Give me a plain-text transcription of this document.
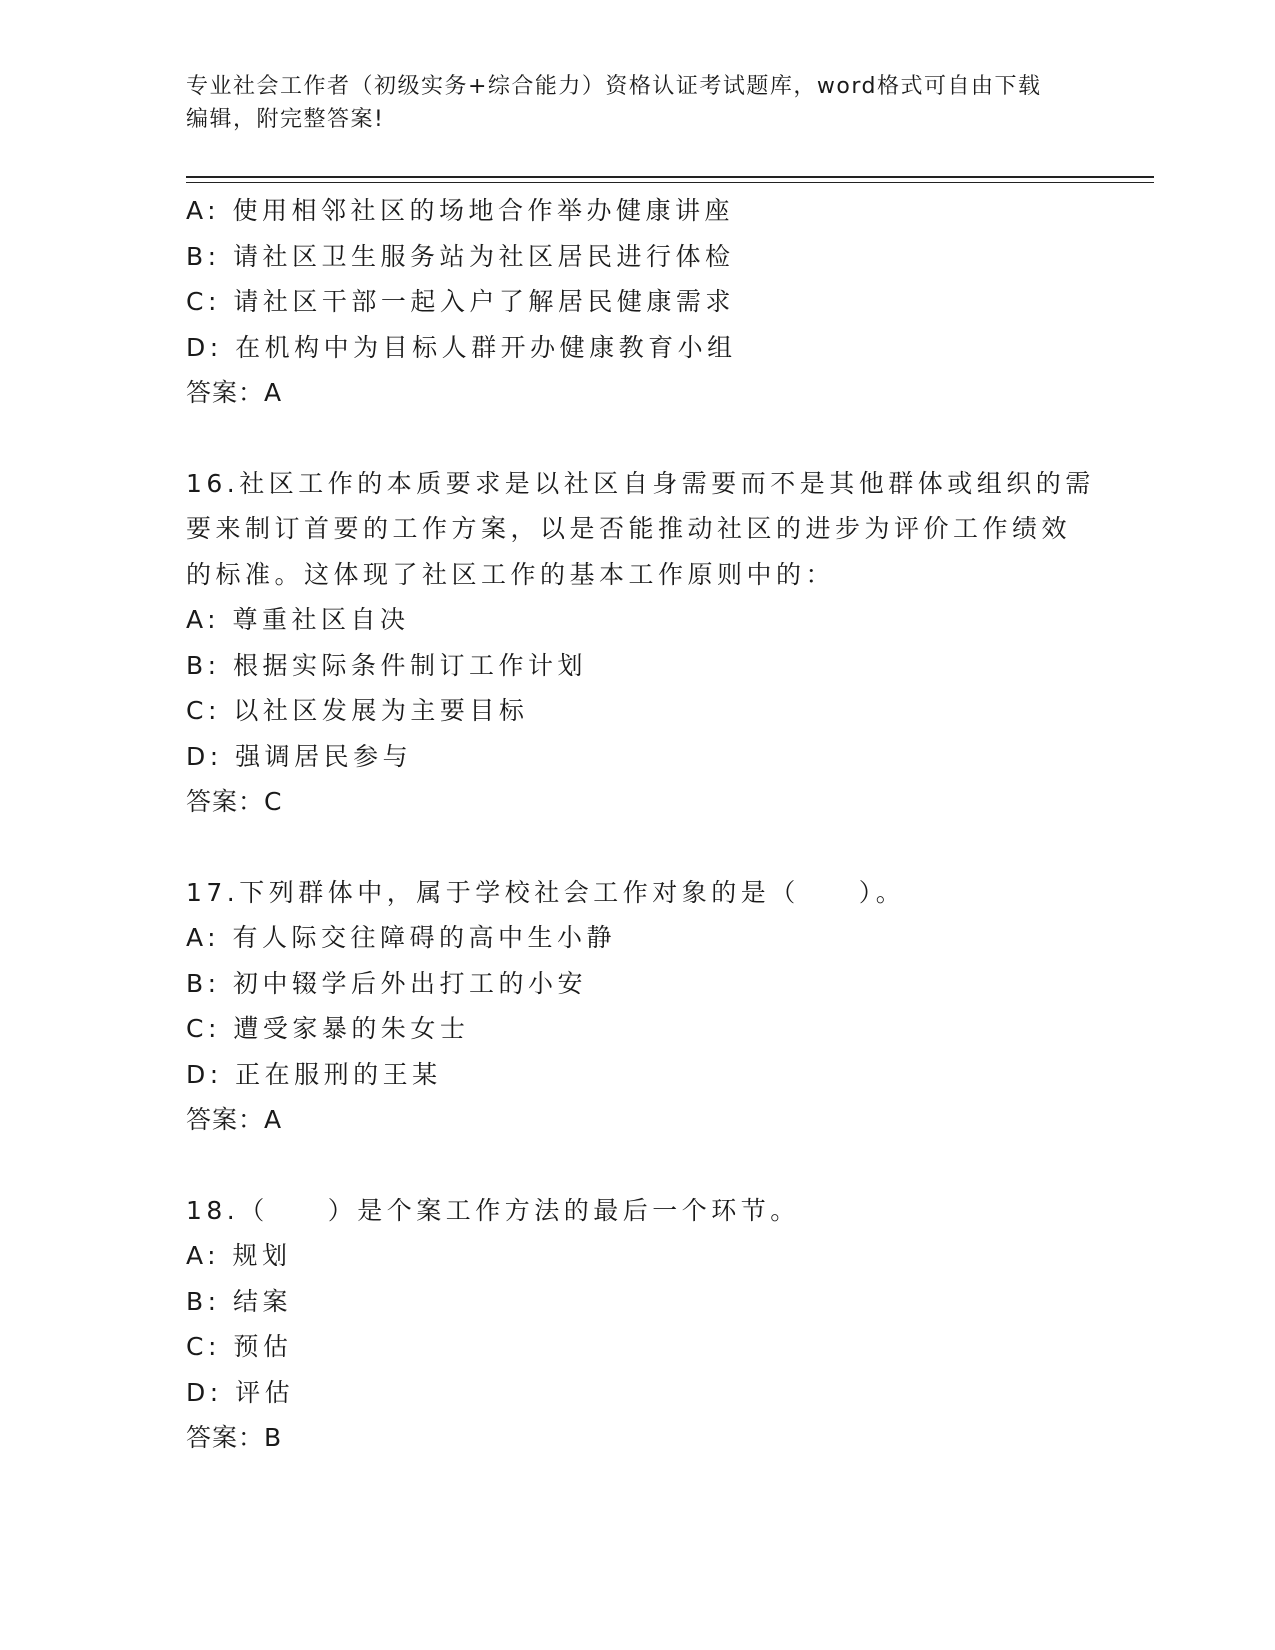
专业社会工作者（初级实务+综合能力）资格认证考试题库，word格式可自由下载
编辑，附完整答案!
A: 使用相邻社区的场地合作举办健康讲座
B: 请社区卫生服务站为社区居民进行体检
C: 请社区干部一起入户了解居民健康需求
D: 在机构中为目标人群开办健康教育小组
答案：A
16.社区工作的本质要求是以社区自身需要而不是其他群体或组织的需
要来制订首要的工作方案，以是否能推动社区的进步为评价工作绩效
的标准。这体现了社区工作的基本工作原则中的：
A: 尊重社区自决
B: 根据实际条件制订工作计划
C: 以社区发展为主要目标
D: 强调居民参与
答案：C
17.下列群体中，属于学校社会工作对象的是（　　）。
A: 有人际交往障碍的高中生小静
B: 初中辍学后外出打工的小安
C: 遭受家暴的朱女士
D: 正在服刑的王某
答案：A
18.（　　）是个案工作方法的最后一个环节。
A: 规划
B: 结案
C: 预估
D: 评估
答案：B
